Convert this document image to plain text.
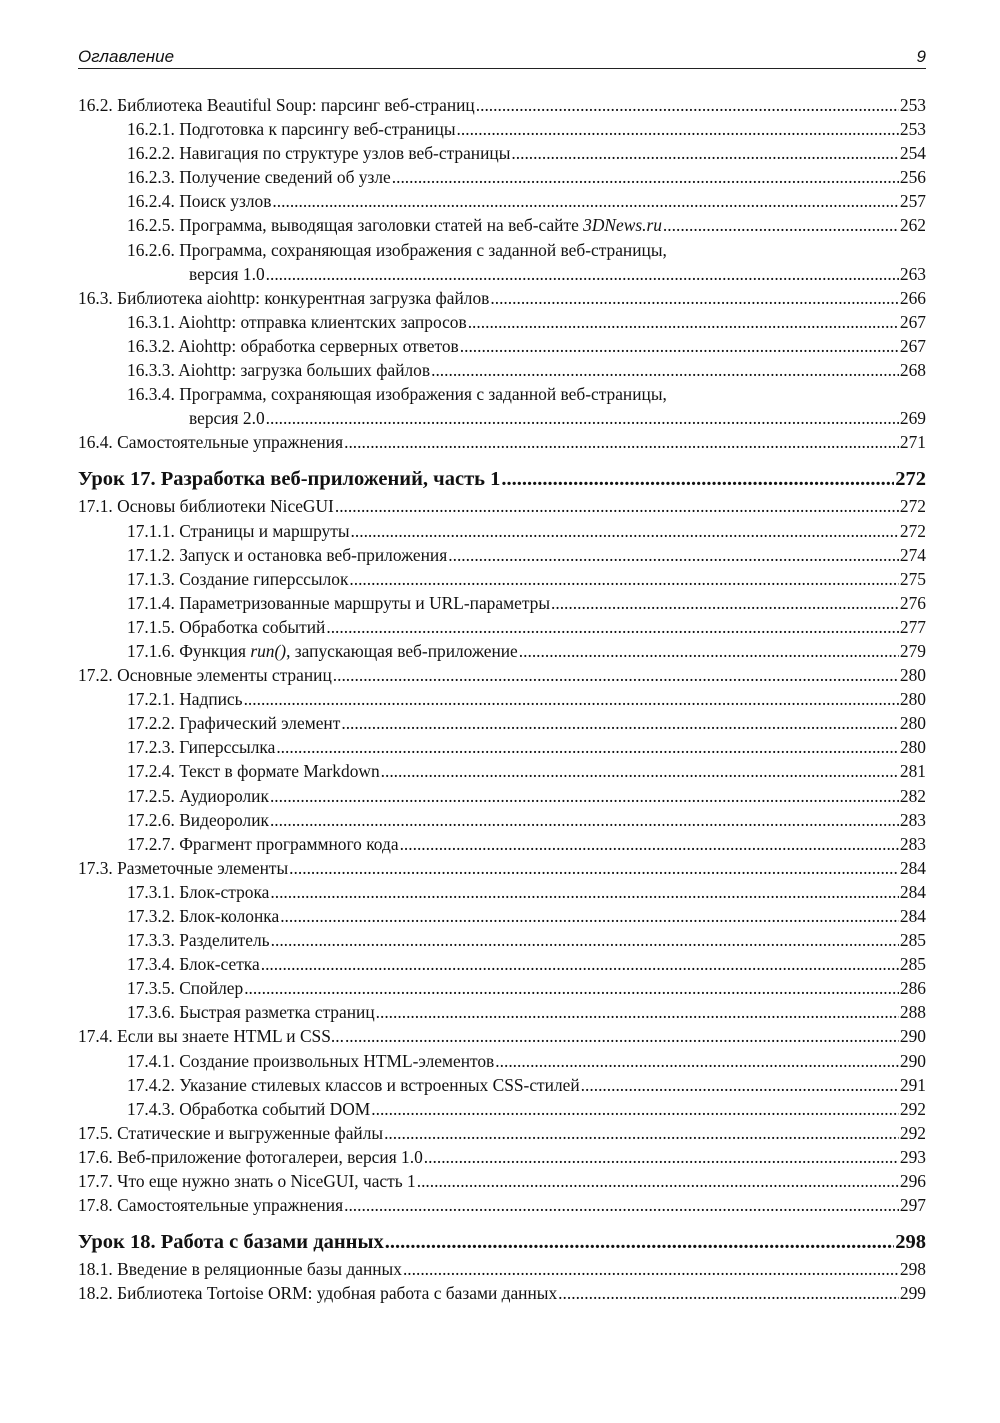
Оглавление	9
16.2. Библиотека Beautiful Soup: парсинг веб-страниц .....	253
16.2.1. Подготовка к парсингу веб-страницы .....	253
16.2.2. Навигация по структуре узлов веб-страницы .....	254
16.2.3. Получение сведений об узле .....	256
16.2.4. Поиск узлов .....	257
16.2.5. Программа, выводящая заголовки статей на веб-сайте 3DNews.ru .....	262
16.2.6. Программа, сохраняющая изображения с заданной веб-страницы,
версия 1.0 .....	263
16.3. Библиотека aiohttp: конкурентная загрузка файлов .....	266
16.3.1. Aiohttp: отправка клиентских запросов .....	267
16.3.2. Aiohttp: обработка серверных ответов .....	267
16.3.3. Aiohttp: загрузка больших файлов .....	268
16.3.4. Программа, сохраняющая изображения с заданной веб-страницы,
версия 2.0 .....	269
16.4. Самостоятельные упражнения .....	271
Урок 17. Разработка веб-приложений, часть 1 .....	272
17.1. Основы библиотеки NiceGUI .....	272
17.1.1. Страницы и маршруты .....	272
17.1.2. Запуск и остановка веб-приложения .....	274
17.1.3. Создание гиперссылок .....	275
17.1.4. Параметризованные маршруты и URL-параметры .....	276
17.1.5. Обработка событий .....	277
17.1.6. Функция run(), запускающая веб-приложение .....	279
17.2. Основные элементы страниц .....	280
17.2.1. Надпись .....	280
17.2.2. Графический элемент .....	280
17.2.3. Гиперссылка .....	280
17.2.4. Текст в формате Markdown .....	281
17.2.5. Аудиоролик .....	282
17.2.6. Видеоролик .....	283
17.2.7. Фрагмент программного кода .....	283
17.3. Разметочные элементы .....	284
17.3.1. Блок-строка .....	284
17.3.2. Блок-колонка .....	284
17.3.3. Разделитель .....	285
17.3.4. Блок-сетка .....	285
17.3.5. Спойлер .....	286
17.3.6. Быстрая разметка страниц .....	288
17.4. Если вы знаете HTML и CSS... .....	290
17.4.1. Создание произвольных HTML-элементов .....	290
17.4.2. Указание стилевых классов и встроенных CSS-стилей .....	291
17.4.3. Обработка событий DOM .....	292
17.5. Статические и выгруженные файлы .....	292
17.6. Веб-приложение фотогалереи, версия 1.0 .....	293
17.7. Что еще нужно знать о NiceGUI, часть 1 .....	296
17.8. Самостоятельные упражнения .....	297
Урок 18. Работа с базами данных .....	298
18.1. Введение в реляционные базы данных .....	298
18.2. Библиотека Tortoise ORM: удобная работа с базами данных .....	299
